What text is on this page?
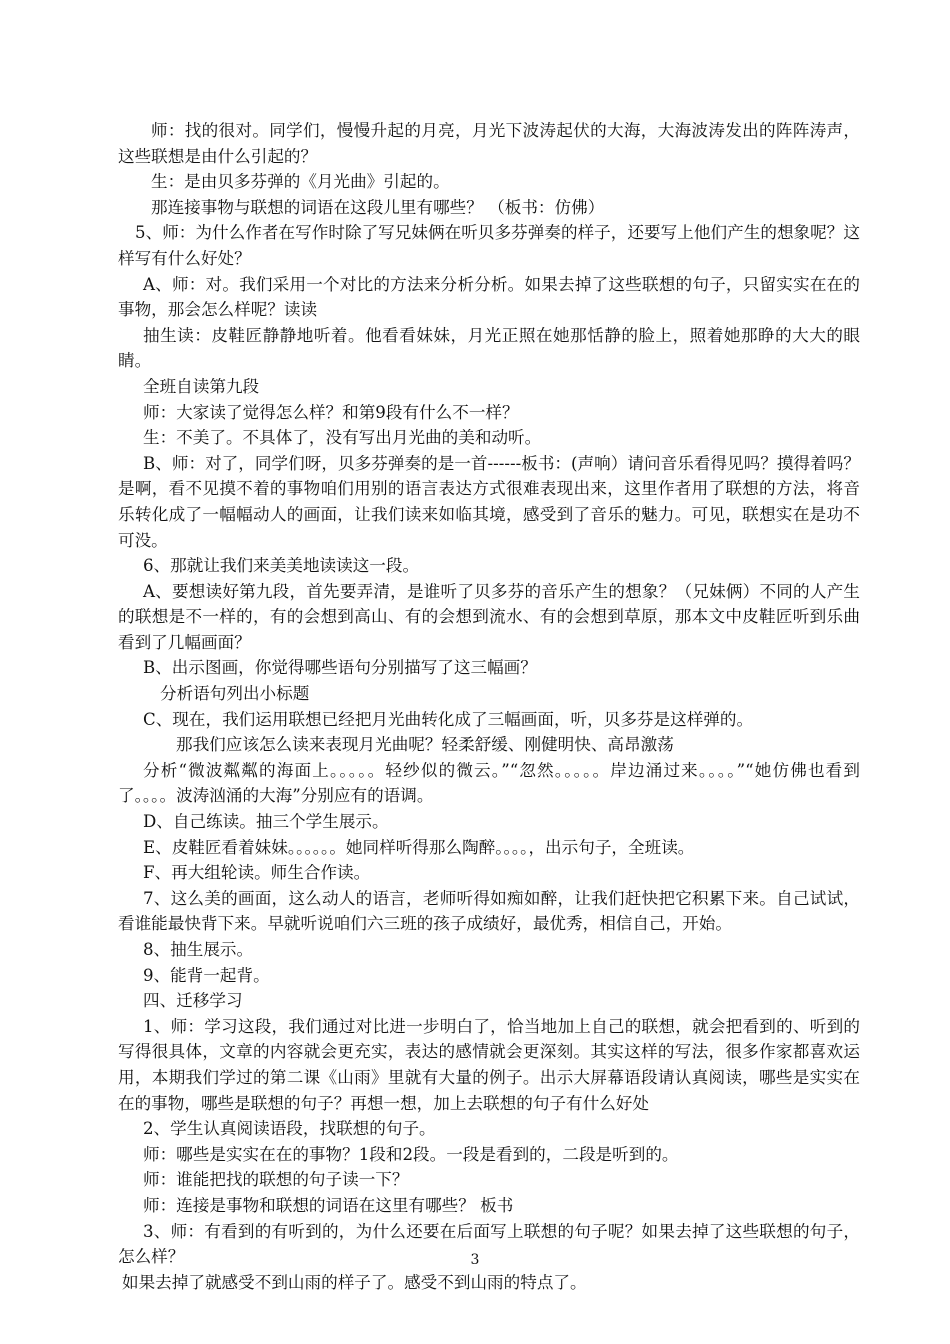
师：找的很对。同学们，慢慢升起的月亮，月光下波涛起伏的大海，大海波涛发出的阵阵涛声，这些联想是由什么引起的？

生：是由贝多芬弹的《月光曲》引起的。

那连接事物与联想的词语在这段儿里有哪些？ （板书：仿佛）

5、师：为什么作者在写作时除了写兄妹俩在听贝多芬弹奏的样子，还要写上他们产生的想象呢？这样写有什么好处？

A、师：对。我们采用一个对比的方法来分析分析。如果去掉了这些联想的句子，只留实实在在的事物，那会怎么样呢？读读

抽生读：皮鞋匠静静地听着。他看看妹妹，月光正照在她那恬静的脸上，照着她那睁的大大的眼睛。

全班自读第九段

师：大家读了觉得怎么样？和第9段有什么不一样？

生：不美了。不具体了，没有写出月光曲的美和动听。

B、师：对了，同学们呀，贝多芬弹奏的是一首------板书：(声响）请问音乐看得见吗？摸得着吗？是啊，看不见摸不着的事物咱们用别的语言表达方式很难表现出来，这里作者用了联想的方法，将音乐转化成了一幅幅动人的画面，让我们读来如临其境，感受到了音乐的魅力。可见，联想实在是功不可没。

6、那就让我们来美美地读读这一段。

A、要想读好第九段，首先要弄清，是谁听了贝多芬的音乐产生的想象？（兄妹俩）不同的人产生的联想是不一样的，有的会想到高山、有的会想到流水、有的会想到草原，那本文中皮鞋匠听到乐曲看到了几幅画面？

B、出示图画，你觉得哪些语句分别描写了这三幅画？

分析语句列出小标题

C、现在，我们运用联想已经把月光曲转化成了三幅画面，听，贝多芬是这样弹的。

那我们应该怎么读来表现月光曲呢？轻柔舒缓、刚健明快、高昂激荡

分析“微波粼粼的海面上。。。。。轻纱似的微云。”“忽然。。。。。岸边涌过来。。。。”“她仿佛也看到了。。。。波涛汹涌的大海”分别应有的语调。

D、自己练读。抽三个学生展示。

E、皮鞋匠看着妹妹。。。。。。她同样听得那么陶醉。。。。，出示句子，全班读。

F、再大组轮读。师生合作读。

7、这么美的画面，这么动人的语言，老师听得如痴如醉，让我们赶快把它积累下来。自己试试，看谁能最快背下来。早就听说咱们六三班的孩子成绩好，最优秀，相信自己，开始。

8、抽生展示。

9、能背一起背。

四、迁移学习

1、师：学习这段，我们通过对比进一步明白了，恰当地加上自己的联想，就会把看到的、听到的写得很具体，文章的内容就会更充实，表达的感情就会更深刻。其实这样的写法，很多作家都喜欢运用，本期我们学过的第二课《山雨》里就有大量的例子。出示大屏幕语段请认真阅读，哪些是实实在在的事物，哪些是联想的句子？再想一想，加上去联想的句子有什么好处

2、学生认真阅读语段，找联想的句子。

师：哪些是实实在在的事物？1段和2段。一段是看到的，二段是听到的。

师：谁能把找的联想的句子读一下？

师：连接是事物和联想的词语在这里有哪些？ 板书

3、师：有看到的有听到的，为什么还要在后面写上联想的句子呢？如果去掉了这些联想的句子，怎么样？

如果去掉了就感受不到山雨的样子了。感受不到山雨的特点了。

3
